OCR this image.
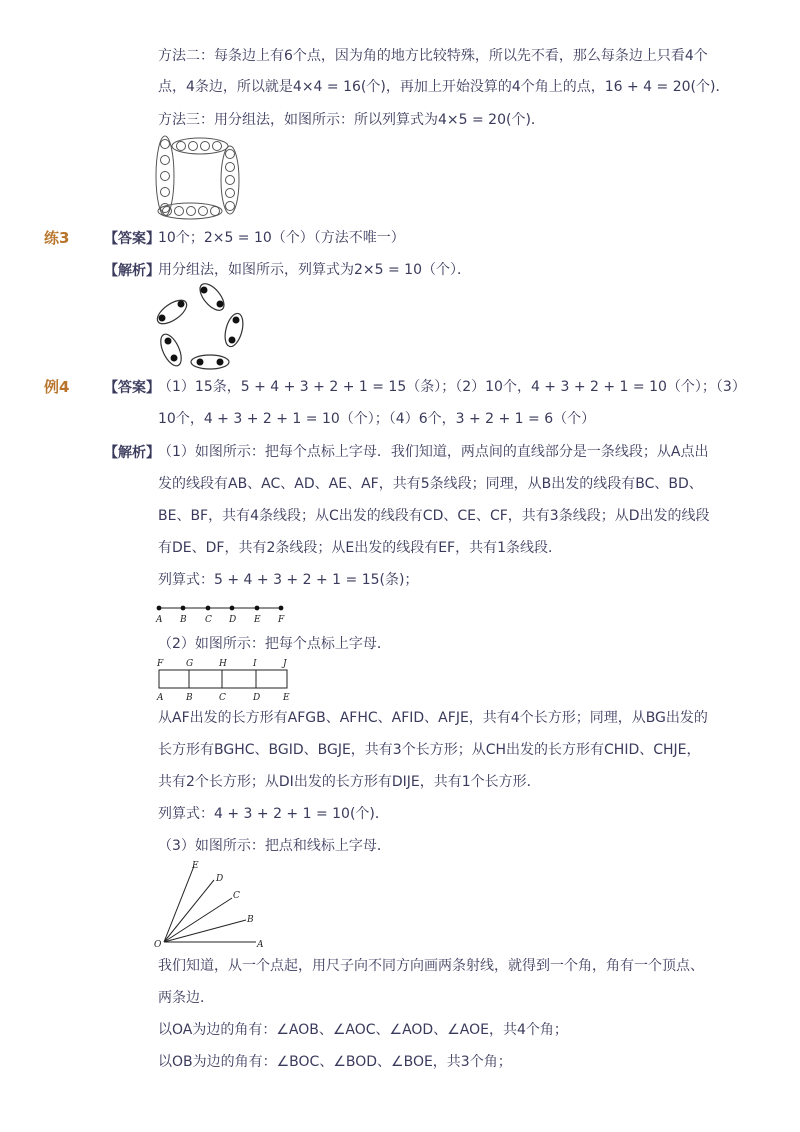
方法二：每条边上有6个点，因为角的地方比较特殊，所以先不看，那么每条边上只看4个
点，4条边，所以就是4×4 = 16(个)，再加上开始没算的4个角上的点，16 + 4 = 20(个)．
方法三：用分组法，如图所示：所以列算式为4×5 = 20(个)．
练3 【答案】
10个；2×5 = 10（个）（方法不唯一）
【解析】
用分组法，如图所示，列算式为2×5 = 10（个）．
例4 【答案】
（1）15条，5 + 4 + 3 + 2 + 1 = 15（条）；（2）10个，4 + 3 + 2 + 1 = 10（个）；（3）
10个，4 + 3 + 2 + 1 = 10（个）；（4）6个，3 + 2 + 1 = 6（个）
【解析】
（1）如图所示：把每个点标上字母．我们知道，两点间的直线部分是一条线段；从A点出
发的线段有AB、AC、AD、AE、AF，共有5条线段；同理，从B出发的线段有BC、BD、
BE、BF，共有4条线段；从C出发的线段有CD、CE、CF，共有3条线段；从D出发的线段
有DE、DF，共有2条线段；从E出发的线段有EF，共有1条线段．
列算式：5 + 4 + 3 + 2 + 1 = 15(条)；
A B C D E F
（2）如图所示：把每个点标上字母．
F	G	H	I	J
A	B	C	D	E
从AF出发的长方形有AFGB、AFHC、AFID、AFJE，共有4个长方形；同理，从BG出发的
长方形有BGHC、BGID、BGJE，共有3个长方形；从CH出发的长方形有CHID、CHJE，
共有2个长方形；从DI出发的长方形有DIJE，共有1个长方形．
列算式：4 + 3 + 2 + 1 = 10(个)．
（3）如图所示：把点和线标上字母．
O	A
B
C
D
E
我们知道，从一个点起，用尺子向不同方向画两条射线，就得到一个角，角有一个顶点、
两条边．
以OA为边的角有：∠AOB、∠AOC、∠AOD、∠AOE，共4个角；
以OB为边的角有：∠BOC、∠BOD、∠BOE，共3个角；
